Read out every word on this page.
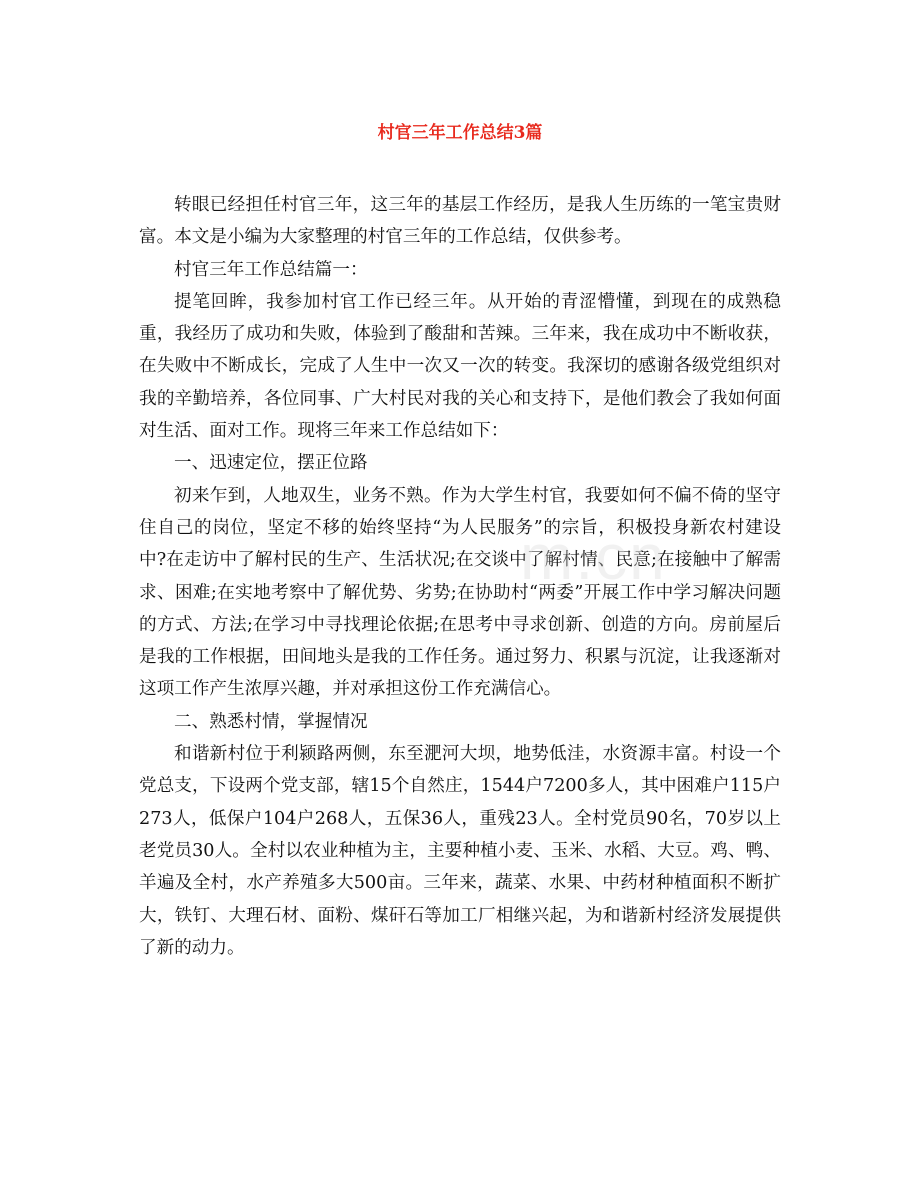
村官三年工作总结3篇

转眼已经担任村官三年，这三年的基层工作经历，是我人生历练的一笔宝贵财富。本文是小编为大家整理的村官三年的工作总结，仅供参考。

村官三年工作总结篇一：

提笔回眸，我参加村官工作已经三年。从开始的青涩懵懂，到现在的成熟稳重，我经历了成功和失败，体验到了酸甜和苦辣。三年来，我在成功中不断收获，在失败中不断成长，完成了人生中一次又一次的转变。我深切的感谢各级党组织对我的辛勤培养，各位同事、广大村民对我的关心和支持下，是他们教会了我如何面对生活、面对工作。现将三年来工作总结如下：

一、迅速定位，摆正位路

初来乍到，人地双生，业务不熟。作为大学生村官，我要如何不偏不倚的坚守住自己的岗位，坚定不移的始终坚持“为人民服务”的宗旨，积极投身新农村建设中?在走访中了解村民的生产、生活状况;在交谈中了解村情、民意;在接触中了解需求、困难;在实地考察中了解优势、劣势;在协助村“两委”开展工作中学习解决问题的方式、方法;在学习中寻找理论依据;在思考中寻求创新、创造的方向。房前屋后是我的工作根据，田间地头是我的工作任务。通过努力、积累与沉淀，让我逐渐对这项工作产生浓厚兴趣，并对承担这份工作充满信心。

二、熟悉村情，掌握情况

和谐新村位于利颍路两侧，东至淝河大坝，地势低洼，水资源丰富。村设一个党总支，下设两个党支部，辖15个自然庄，1544户7200多人，其中困难户115户273人，低保户104户268人，五保36人，重残23人。全村党员90名，70岁以上老党员30人。全村以农业种植为主，主要种植小麦、玉米、水稻、大豆。鸡、鸭、羊遍及全村，水产养殖多大500亩。三年来，蔬菜、水果、中药材种植面积不断扩大，铁钉、大理石材、面粉、煤矸石等加工厂相继兴起，为和谐新村经济发展提供了新的动力。

m.cn
